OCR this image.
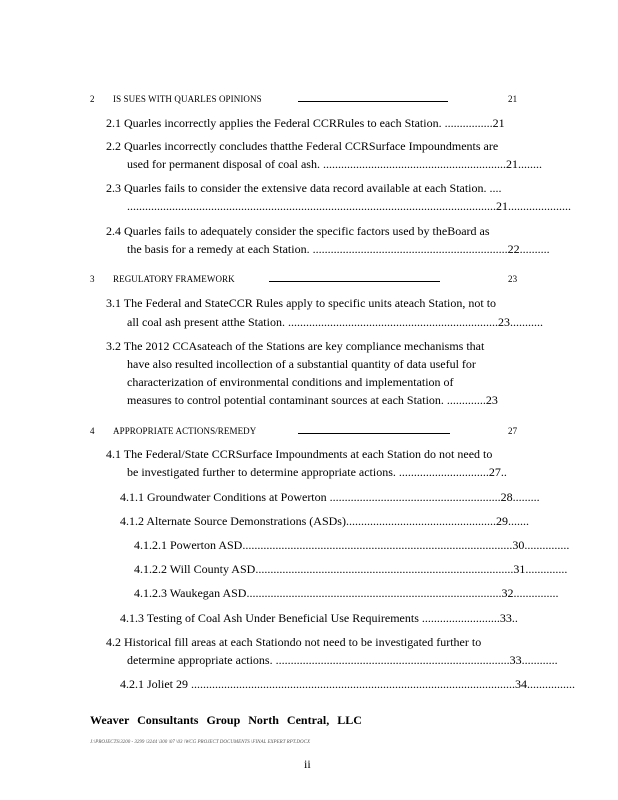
2 IS SUES WITH QUARLES OPINIONS	21
2.1 Quarles incorrectly applies the Federal CCRRules to each Station. ................21
2.2 Quarles incorrectly concludes thatthe Federal CCRSurface Impoundments are
used for permanent disposal of coal ash. .............................................................21........
2.3 Quarles fails to consider the extensive data record available at each Station. ....
...........................................................................................................................21.....................
2.4 Quarles fails to adequately consider the specific factors used by theBoard as
the basis for a remedy at each Station. .................................................................22..........
3 REGULATORY FRAMEWORK	23
3.1 The Federal and StateCCR Rules apply to specific units ateach Station, not to
all coal ash present atthe Station. ......................................................................23...........
3.2 The 2012 CCAsateach of the Stations are key compliance mechanisms that
have also resulted incollection of a substantial quantity of data useful for
characterization of environmental conditions and implementation of
measures to control potential contaminant sources at each Station. .............23
4 APPROPRIATE ACTIONS/REMEDY	27
4.1 The Federal/State CCRSurface Impoundments at each Station do not need to
be investigated further to determine appropriate actions. ..............................27..
4.1.1 Groundwater Conditions at Powerton .........................................................28.........
4.1.2 Alternate Source Demonstrations (ASDs)..................................................29.......
4.1.2.1 Powerton ASD..........................................................................................30...............
4.1.2.2 Will County ASD......................................................................................31..............
4.1.2.3 Waukegan ASD.....................................................................................32...............
4.1.3 Testing of Coal Ash Under Beneficial Use Requirements ..........................33..
4.2 Historical fill areas at each Stationdo not need to be investigated further to
determine appropriate actions. ..............................................................................33............
4.2.1 Joliet 29 ............................................................................................................34................
Weaver Consultants Group North Central, LLC
J:\PROJECTS\3200 - 3299 \3244 \300 \07 \03 \WCG PROJECT DOCUMENTS \FINAL EXPERT RPT.DOCX
ii
